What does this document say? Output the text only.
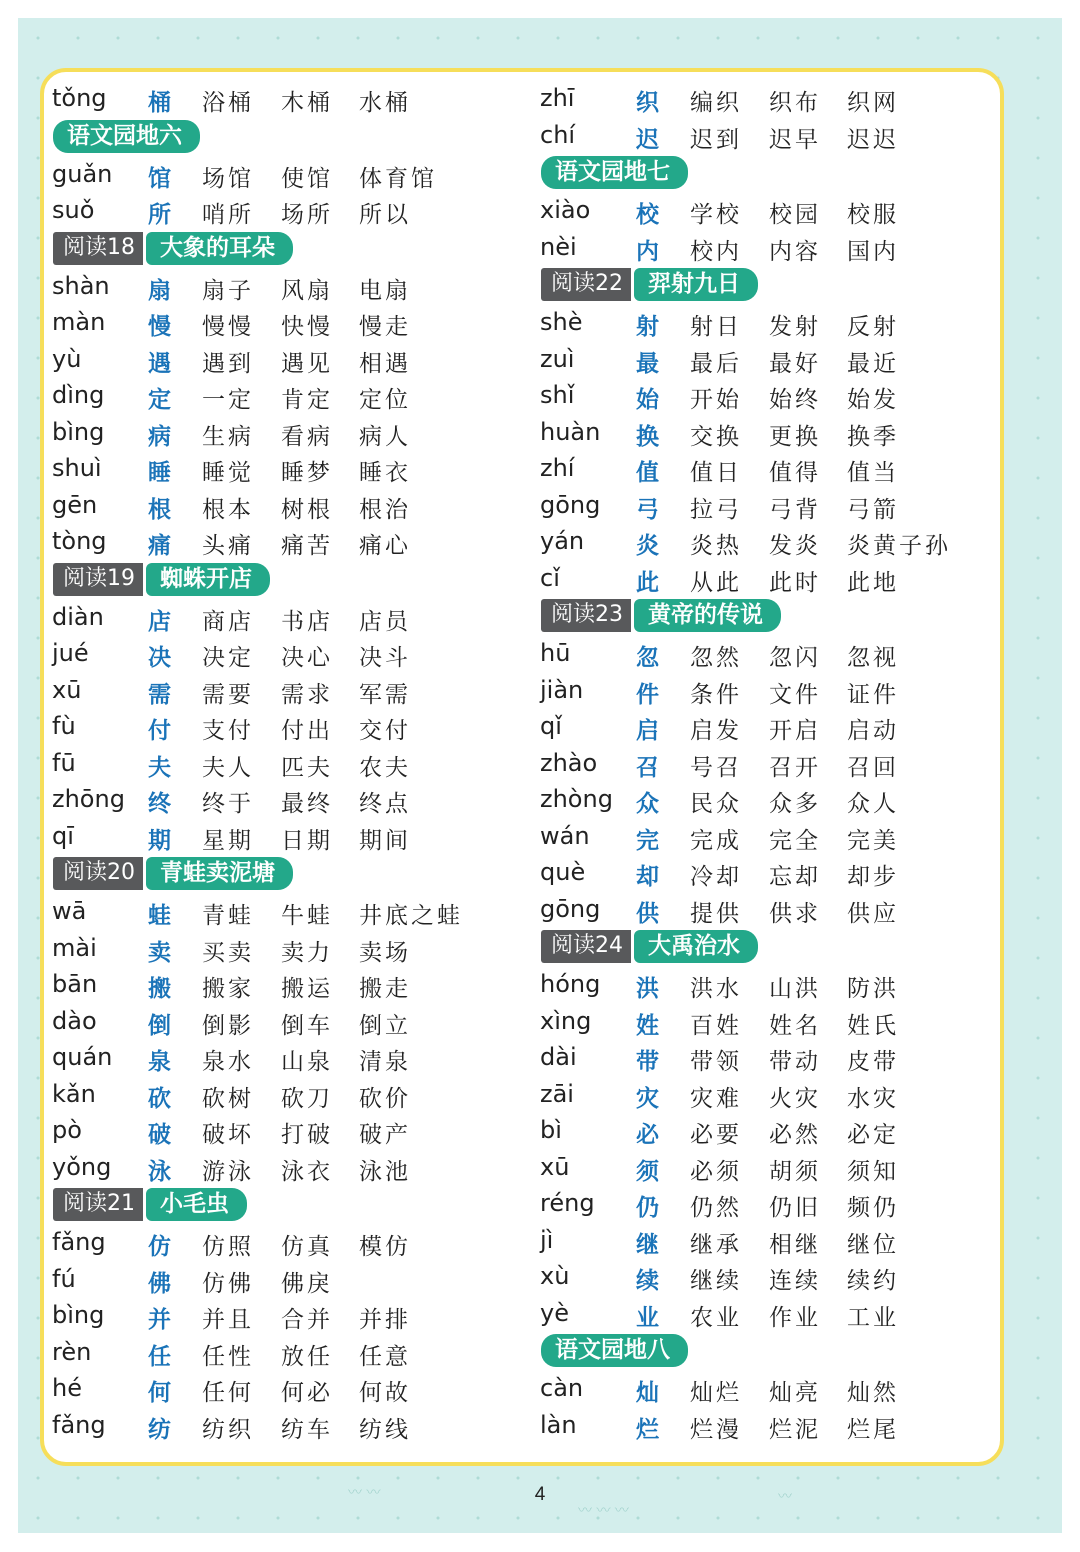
〰 〰
〰 〰 〰
〰
tǒng 桶 浴桶 木桶 水桶
语文园地六
guǎn 馆 场馆 使馆 体育馆
suǒ 所 哨所 场所 所以
阅读18	大象的耳朵
shàn 扇 扇子 风扇 电扇
màn 慢 慢慢 快慢 慢走
yù	遇 遇到 遇见 相遇
dìng 定 一定 肯定 定位
bìng 病 生病 看病 病人
shuì 睡 睡觉 睡梦 睡衣
gēn 根 根本 树根 根治
tòng 痛 头痛 痛苦 痛心
阅读19	蜘蛛开店
diàn 店 商店 书店 店员
jué	决 决定 决心 决斗
xū	需 需要 需求 军需
fù	付 支付 付出 交付
fū	夫 夫人 匹夫 农夫
zhōng 终 终于 最终 终点
qī	期 星期 日期 期间
阅读20	青蛙卖泥塘
wā	蛙 青蛙 牛蛙 井底之蛙
mài 卖 买卖 卖力 卖场
bān 搬 搬家 搬运 搬走
dào 倒 倒影 倒车 倒立
quán 泉 泉水 山泉 清泉
kǎn 砍 砍树 砍刀 砍价
pò	破 破坏 打破 破产
yǒng 泳 游泳 泳衣 泳池
阅读21	小毛虫
fǎng 仿 仿照 仿真 模仿
fú	佛 仿佛 佛戾
bìng 并 并且 合并 并排
rèn 任 任性 放任 任意
hé	何 任何 何必 何故
fǎng 纺 纺织 纺车 纺线
zhī	织 编织 织布 织网
chí	迟 迟到 迟早 迟迟
语文园地七
xiào 校 学校 校园 校服
nèi	内 校内 内容 国内
阅读22	羿射九日
shè 射 射日 发射 反射
zuì	最 最后 最好 最近
shǐ	始 开始 始终 始发
huàn 换 交换 更换 换季
zhí	值 值日 值得 值当
gōng 弓 拉弓 弓背 弓箭
yán 炎 炎热 发炎 炎黄子孙
cǐ	此 从此 此时 此地
阅读23	黄帝的传说
hū	忽 忽然 忽闪 忽视
jiàn 件 条件 文件 证件
qǐ	启 启发 开启 启动
zhào 召 号召 召开 召回
zhòng 众 民众 众多 众人
wán 完 完成 完全 完美
què 却 冷却 忘却 却步
gōng 供 提供 供求 供应
阅读24	大禹治水
hóng 洪 洪水 山洪 防洪
xìng 姓 百姓 姓名 姓氏
dài	带 带领 带动 皮带
zāi	灾 灾难 火灾 水灾
bì	必 必要 必然 必定
xū	须 必须 胡须 须知
réng 仍 仍然 仍旧 频仍
jì	继 继承 相继 继位
xù	续 继续 连续 续约
yè	业 农业 作业 工业
语文园地八
càn 灿 灿烂 灿亮 灿然
làn	烂 烂漫 烂泥 烂尾
4
